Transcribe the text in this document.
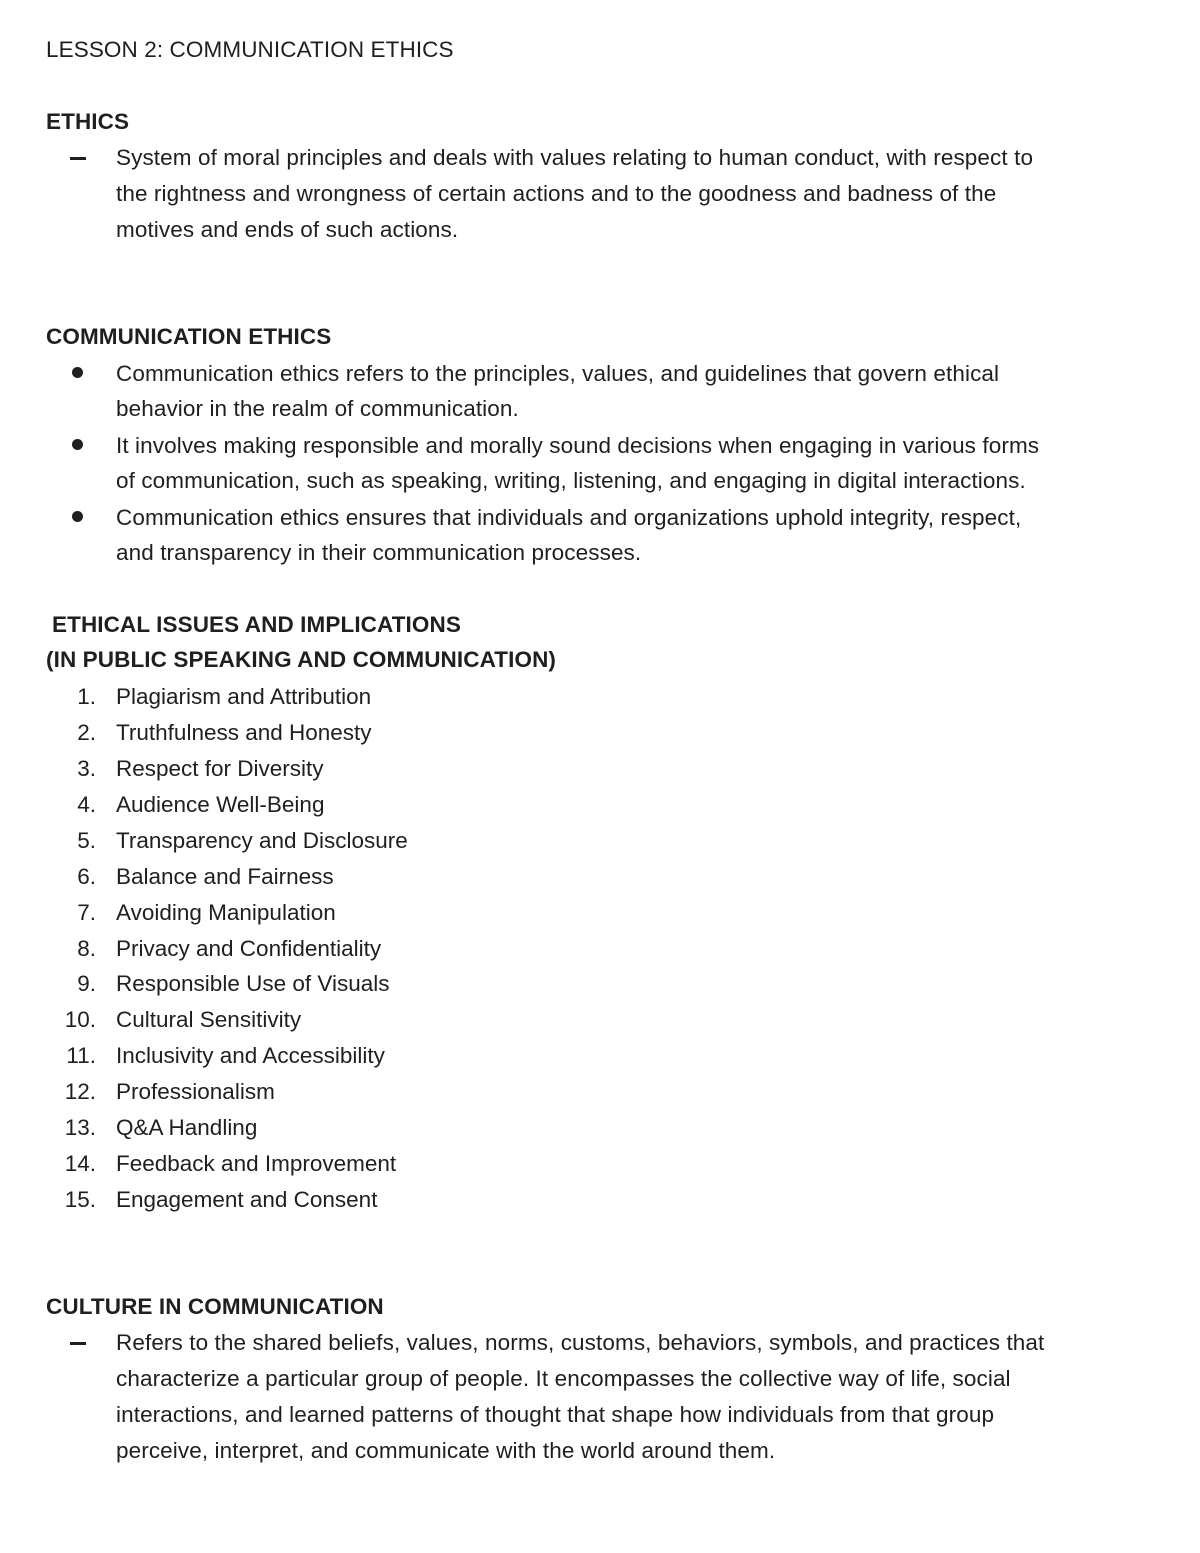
LESSON 2: COMMUNICATION ETHICS
ETHICS
System of moral principles and deals with values relating to human conduct, with respect to
the rightness and wrongness of certain actions and to the goodness and badness of the
motives and ends of such actions.
COMMUNICATION ETHICS
Communication ethics refers to the principles, values, and guidelines that govern ethical
behavior in the realm of communication.
It involves making responsible and morally sound decisions when engaging in various forms
of communication, such as speaking, writing, listening, and engaging in digital interactions.
Communication ethics ensures that individuals and organizations uphold integrity, respect,
and transparency in their communication processes.
ETHICAL ISSUES AND IMPLICATIONS
(IN PUBLIC SPEAKING AND COMMUNICATION)
1. Plagiarism and Attribution
2. Truthfulness and Honesty
3. Respect for Diversity
4. Audience Well-Being
5. Transparency and Disclosure
6. Balance and Fairness
7. Avoiding Manipulation
8. Privacy and Confidentiality
9. Responsible Use of Visuals
10. Cultural Sensitivity
11. Inclusivity and Accessibility
12. Professionalism
13. Q&A Handling
14. Feedback and Improvement
15. Engagement and Consent
CULTURE IN COMMUNICATION
Refers to the shared beliefs, values, norms, customs, behaviors, symbols, and practices that
characterize a particular group of people. It encompasses the collective way of life, social
interactions, and learned patterns of thought that shape how individuals from that group
perceive, interpret, and communicate with the world around them.
